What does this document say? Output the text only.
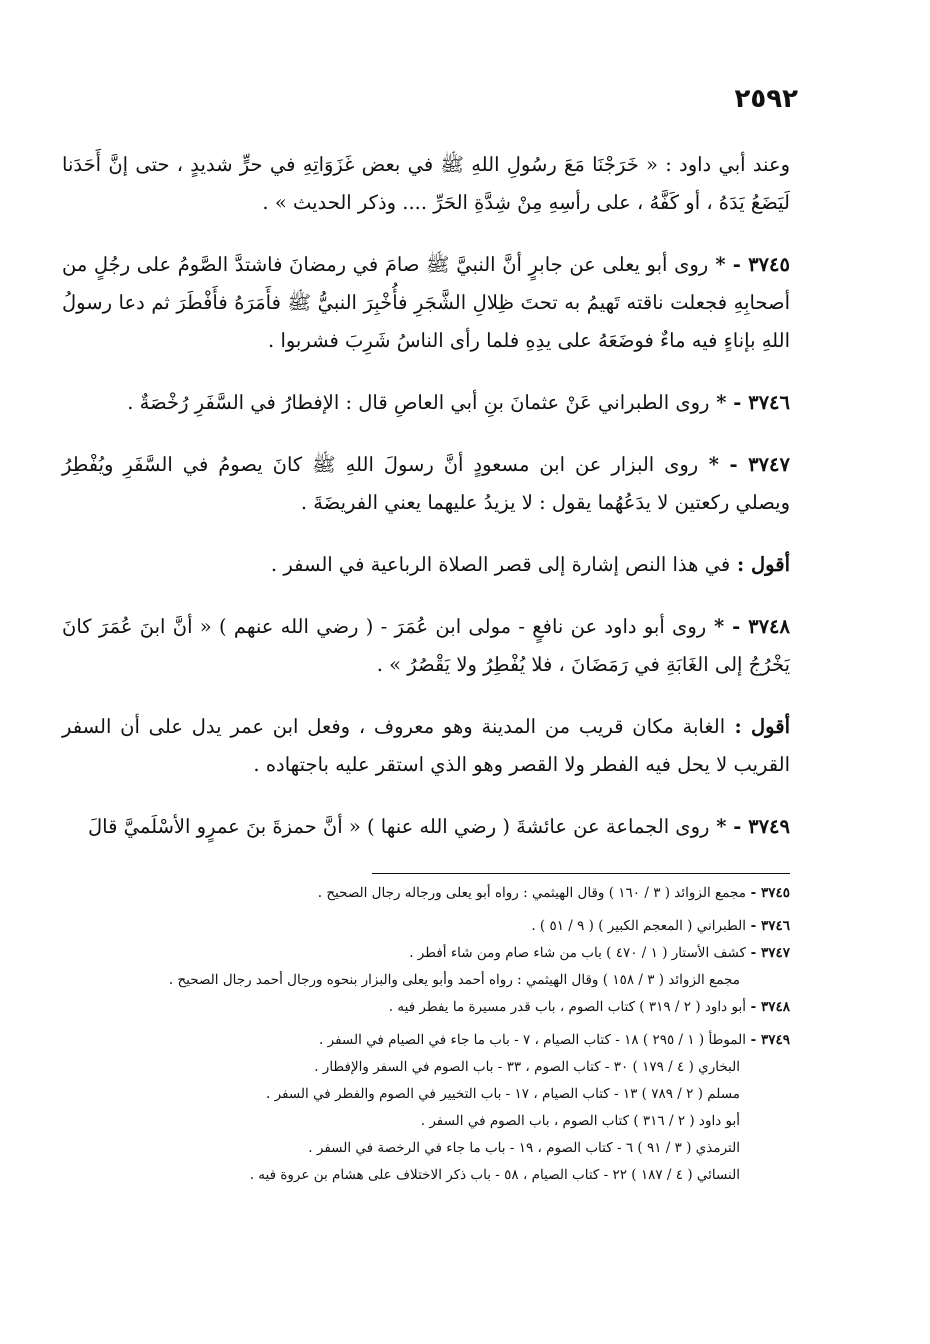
٢٥٩٢

وعند أبي داود : « خَرَجْنَا مَعَ رسُولِ اللهِ ﷺ في بعض غَزَوَاتِهِ في حرٍّ شديدٍ ، حتى إنَّ أَحَدَنا لَيَضَعُ يَدَهُ ، أو كَفَّهُ ، على رأسِهِ مِنْ شِدَّةِ الحَرِّ .... وذكر الحديث » .

٣٧٤٥ - * روى أبو يعلى عن جابرٍ أنَّ النبيَّ ﷺ صامَ في رمضانَ فاشتدَّ الصَّومُ على رجُلٍ من أصحابِهِ فجعلت ناقته تَهيمُ به تحتَ ظِلالِ الشَّجَرِ فأُخْبِرَ النبيُّ ﷺ فأَمَرَهُ فأَفْطَرَ ثم دعا رسولُ اللهِ بإناءٍ فيه ماءٌ فوضَعَهُ على يدِهِ فلما رأى الناسُ شَرِبَ فشربوا .

٣٧٤٦ - * روى الطبراني عَنْ عثمانَ بنِ أبي العاصِ قال : الإفطارُ في السَّفَرِ رُخْصَةٌ .

٣٧٤٧ - * روى البزار عن ابن مسعودٍ أنَّ رسولَ اللهِ ﷺ كانَ يصومُ في السَّفَرِ ويُفْطِرُ ويصلي ركعتين لا يدَعُهُما يقول : لا يزيدُ عليهما يعني الفريضَةَ .

أقول : في هذا النص إشارة إلى قصر الصلاة الرباعية في السفر .

٣٧٤٨ - * روى أبو داود عن نافعٍ - مولى ابن عُمَرَ - ( رضي الله عنهم ) « أنَّ ابنَ عُمَرَ كانَ يَخْرُجُ إلى الغَابَةِ في رَمَضَانَ ، فلا يُفْطِرُ ولا يَقْصُرُ » .

أقول : الغابة مكان قريب من المدينة وهو معروف ، وفعل ابن عمر يدل على أن السفر القريب لا يحل فيه الفطر ولا القصر وهو الذي استقر عليه باجتهاده .

٣٧٤٩ - * روى الجماعة عن عائشةَ ( رضي الله عنها ) « أنَّ حمزةَ بنَ عمرٍو الأسْلَميَّ قالَ

٣٧٤٥ - مجمع الزوائد ( ٣ / ١٦٠ ) وقال الهيثمي : رواه أبو يعلى ورجاله رجال الصحيح .

٣٧٤٦ - الطبراني ( المعجم الكبير ) ( ٩ / ٥١ ) .

٣٧٤٧ - كشف الأستار ( ١ / ٤٧٠ ) باب من شاء صام ومن شاء أفطر .

مجمع الزوائد ( ٣ / ١٥٨ ) وقال الهيثمي : رواه أحمد وأبو يعلى والبزار بنحوه ورجال أحمد رجال الصحيح .

٣٧٤٨ - أبو داود ( ٢ / ٣١٩ ) كتاب الصوم ، باب قدر مسيرة ما يفطر فيه .

٣٧٤٩ - الموطأ ( ١ / ٢٩٥ ) ١٨ - كتاب الصيام ، ٧ - باب ما جاء في الصيام في السفر .

البخاري ( ٤ / ١٧٩ ) ٣٠ - كتاب الصوم ، ٣٣ - باب الصوم في السفر والإفطار .

مسلم ( ٢ / ٧٨٩ ) ١٣ - كتاب الصيام ، ١٧ - باب التخيير في الصوم والفطر في السفر .

أبو داود ( ٢ / ٣١٦ ) كتاب الصوم ، باب الصوم في السفر .

الترمذي ( ٣ / ٩١ ) ٦ - كتاب الصوم ، ١٩ - باب ما جاء في الرخصة في السفر .

النسائي ( ٤ / ١٨٧ ) ٢٢ - كتاب الصيام ، ٥٨ - باب ذكر الاختلاف على هشام بن عروة فيه .
